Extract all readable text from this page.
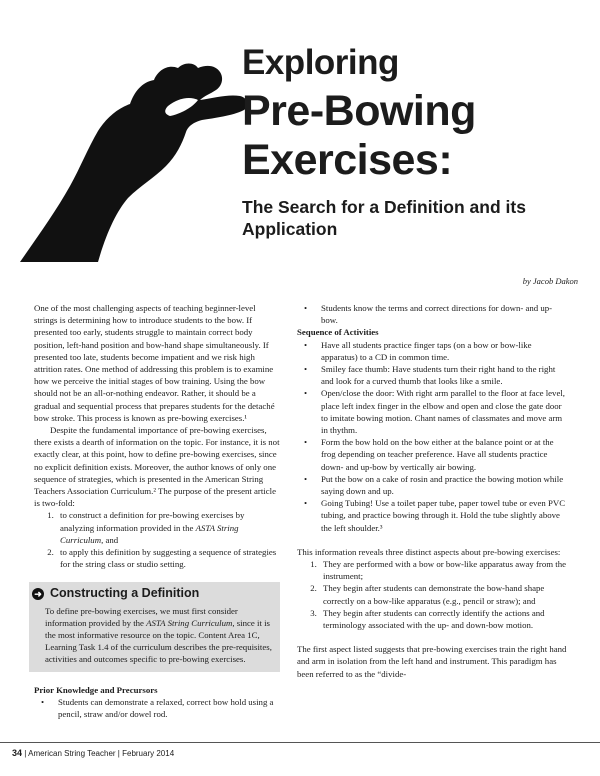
Exploring
Pre-Bowing
Exercises:
The Search for a Definition and its Application
by Jacob Dakon

One of the most challenging aspects of teaching beginner-level strings is determining how to introduce students to the bow. If presented too early, students struggle to maintain correct body position, left-hand position and bow-hand shape simultaneously. If presented too late, students become impatient and we risk high attrition rates. One method of addressing this problem is to examine how we perceive the initial stages of bow training. Using the bow should not be an all-or-nothing endeavor. Rather, it should be a gradual and sequential process that prepares students for the detaché bow stroke. This process is known as pre-bowing exercises.¹

Despite the fundamental importance of pre-bowing exercises, there exists a dearth of information on the topic. For instance, it is not exactly clear, at this point, how to define pre-bowing exercises, since no explicit definition exists. Moreover, the author knows of only one sequence of strategies, which is presented in the American String Teachers Association Curriculum.² The purpose of the present article is two-fold:

1. to construct a definition for pre-bowing exercises by analyzing information provided in the ASTA String Curriculum, and
2. to apply this definition by suggesting a sequence of strategies for the string class or studio setting.
➜ Constructing a Definition

To define pre-bowing exercises, we must first consider information provided by the ASTA String Curriculum, since it is the most informative resource on the topic. Content Area 1C, Learning Task 1.4 of the curriculum describes the pre-requisites, activities and outcomes specific to pre-bowing exercises.

Prior Knowledge and Precursors

• Students can demonstrate a relaxed, correct bow hold using a pencil, straw and/or dowel rod.
• Students know the terms and correct directions for down- and up-bow.

Sequence of Activities

• Have all students practice finger taps (on a bow or bow-like apparatus) to a CD in common time.
• Smiley face thumb: Have students turn their right hand to the right and look for a curved thumb that looks like a smile.
• Open/close the door: With right arm parallel to the floor at face level, place left index finger in the elbow and open and close the gate door to imitate bowing motion. Chant names of classmates and move arm in thythm.
• Form the bow hold on the bow either at the balance point or at the frog depending on teacher preference. Have all students practice down- and up-bow by vertically air bowing.
• Put the bow on a cake of rosin and practice the bowing motion while saying down and up.
• Going Tubing! Use a toilet paper tube, paper towel tube or even PVC tubing, and practice bowing through it. Hold the tube slightly above the left shoulder.³

This information reveals three distinct aspects about pre-bowing exercises:

1. They are performed with a bow or bow-like apparatus away from the instrument;
2. They begin after students can demonstrate the bow-hand shape correctly on a bow-like apparatus (e.g., pencil or straw); and
3. They begin after students can correctly identify the actions and terminology associated with the up- and down-bow motion.

The first aspect listed suggests that pre-bowing exercises train the right hand and arm in isolation from the left hand and instrument. This paradigm has been referred to as the “divide-

34 | American String Teacher | February 2014
